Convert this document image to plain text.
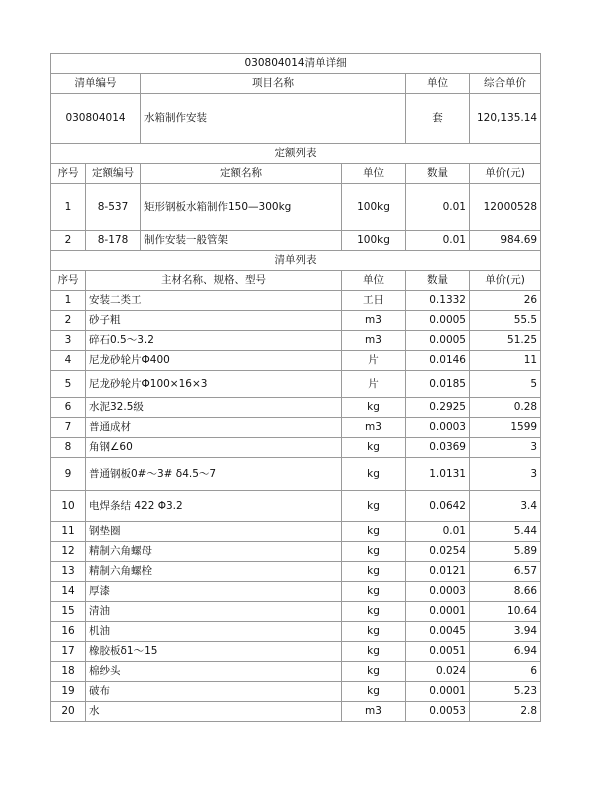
030804014清单详细						
清单编号		项目名称		单位	综合单价	
030804014		水箱制作安装		套	120,135.14	
定额列表						
序号	定额编号	定额名称	单位	数量	单价(元)	
1	8-537	矩形钢板水箱制作150—300kg	100kg	0.01	12000528	
2	8-178	制作安装一般管架	100kg	0.01	984.69	
清单列表						
序号	主材名称、规格、型号		单位	数量	单价(元)	
1	安装二类工		工日	0.1332	26	
2	砂子粗		m3	0.0005	55.5	
3	碎石0.5～3.2		m3	0.0005	51.25	
4	尼龙砂轮片Φ400		片	0.0146	11	
5	尼龙砂轮片Φ100×16×3		片	0.0185	5	
6	水泥32.5级		kg	0.2925	0.28	
7	普通成材		m3	0.0003	1599	
8	角钢∠60		kg	0.0369	3	
9	普通钢板0#～3# δ4.5～7		kg	1.0131	3	
10	电焊条结 422 Φ3.2		kg	0.0642	3.4	
11	钢垫圈		kg	0.01	5.44	
12	精制六角螺母		kg	0.0254	5.89	
13	精制六角螺栓		kg	0.0121	6.57	
14	厚漆		kg	0.0003	8.66	
15	清油		kg	0.0001	10.64	
16	机油		kg	0.0045	3.94	
17	橡胶板δ1～15		kg	0.0051	6.94	
18	棉纱头		kg	0.024	6	
19	破布		kg	0.0001	5.23	
20	水		m3	0.0053	2.8	
